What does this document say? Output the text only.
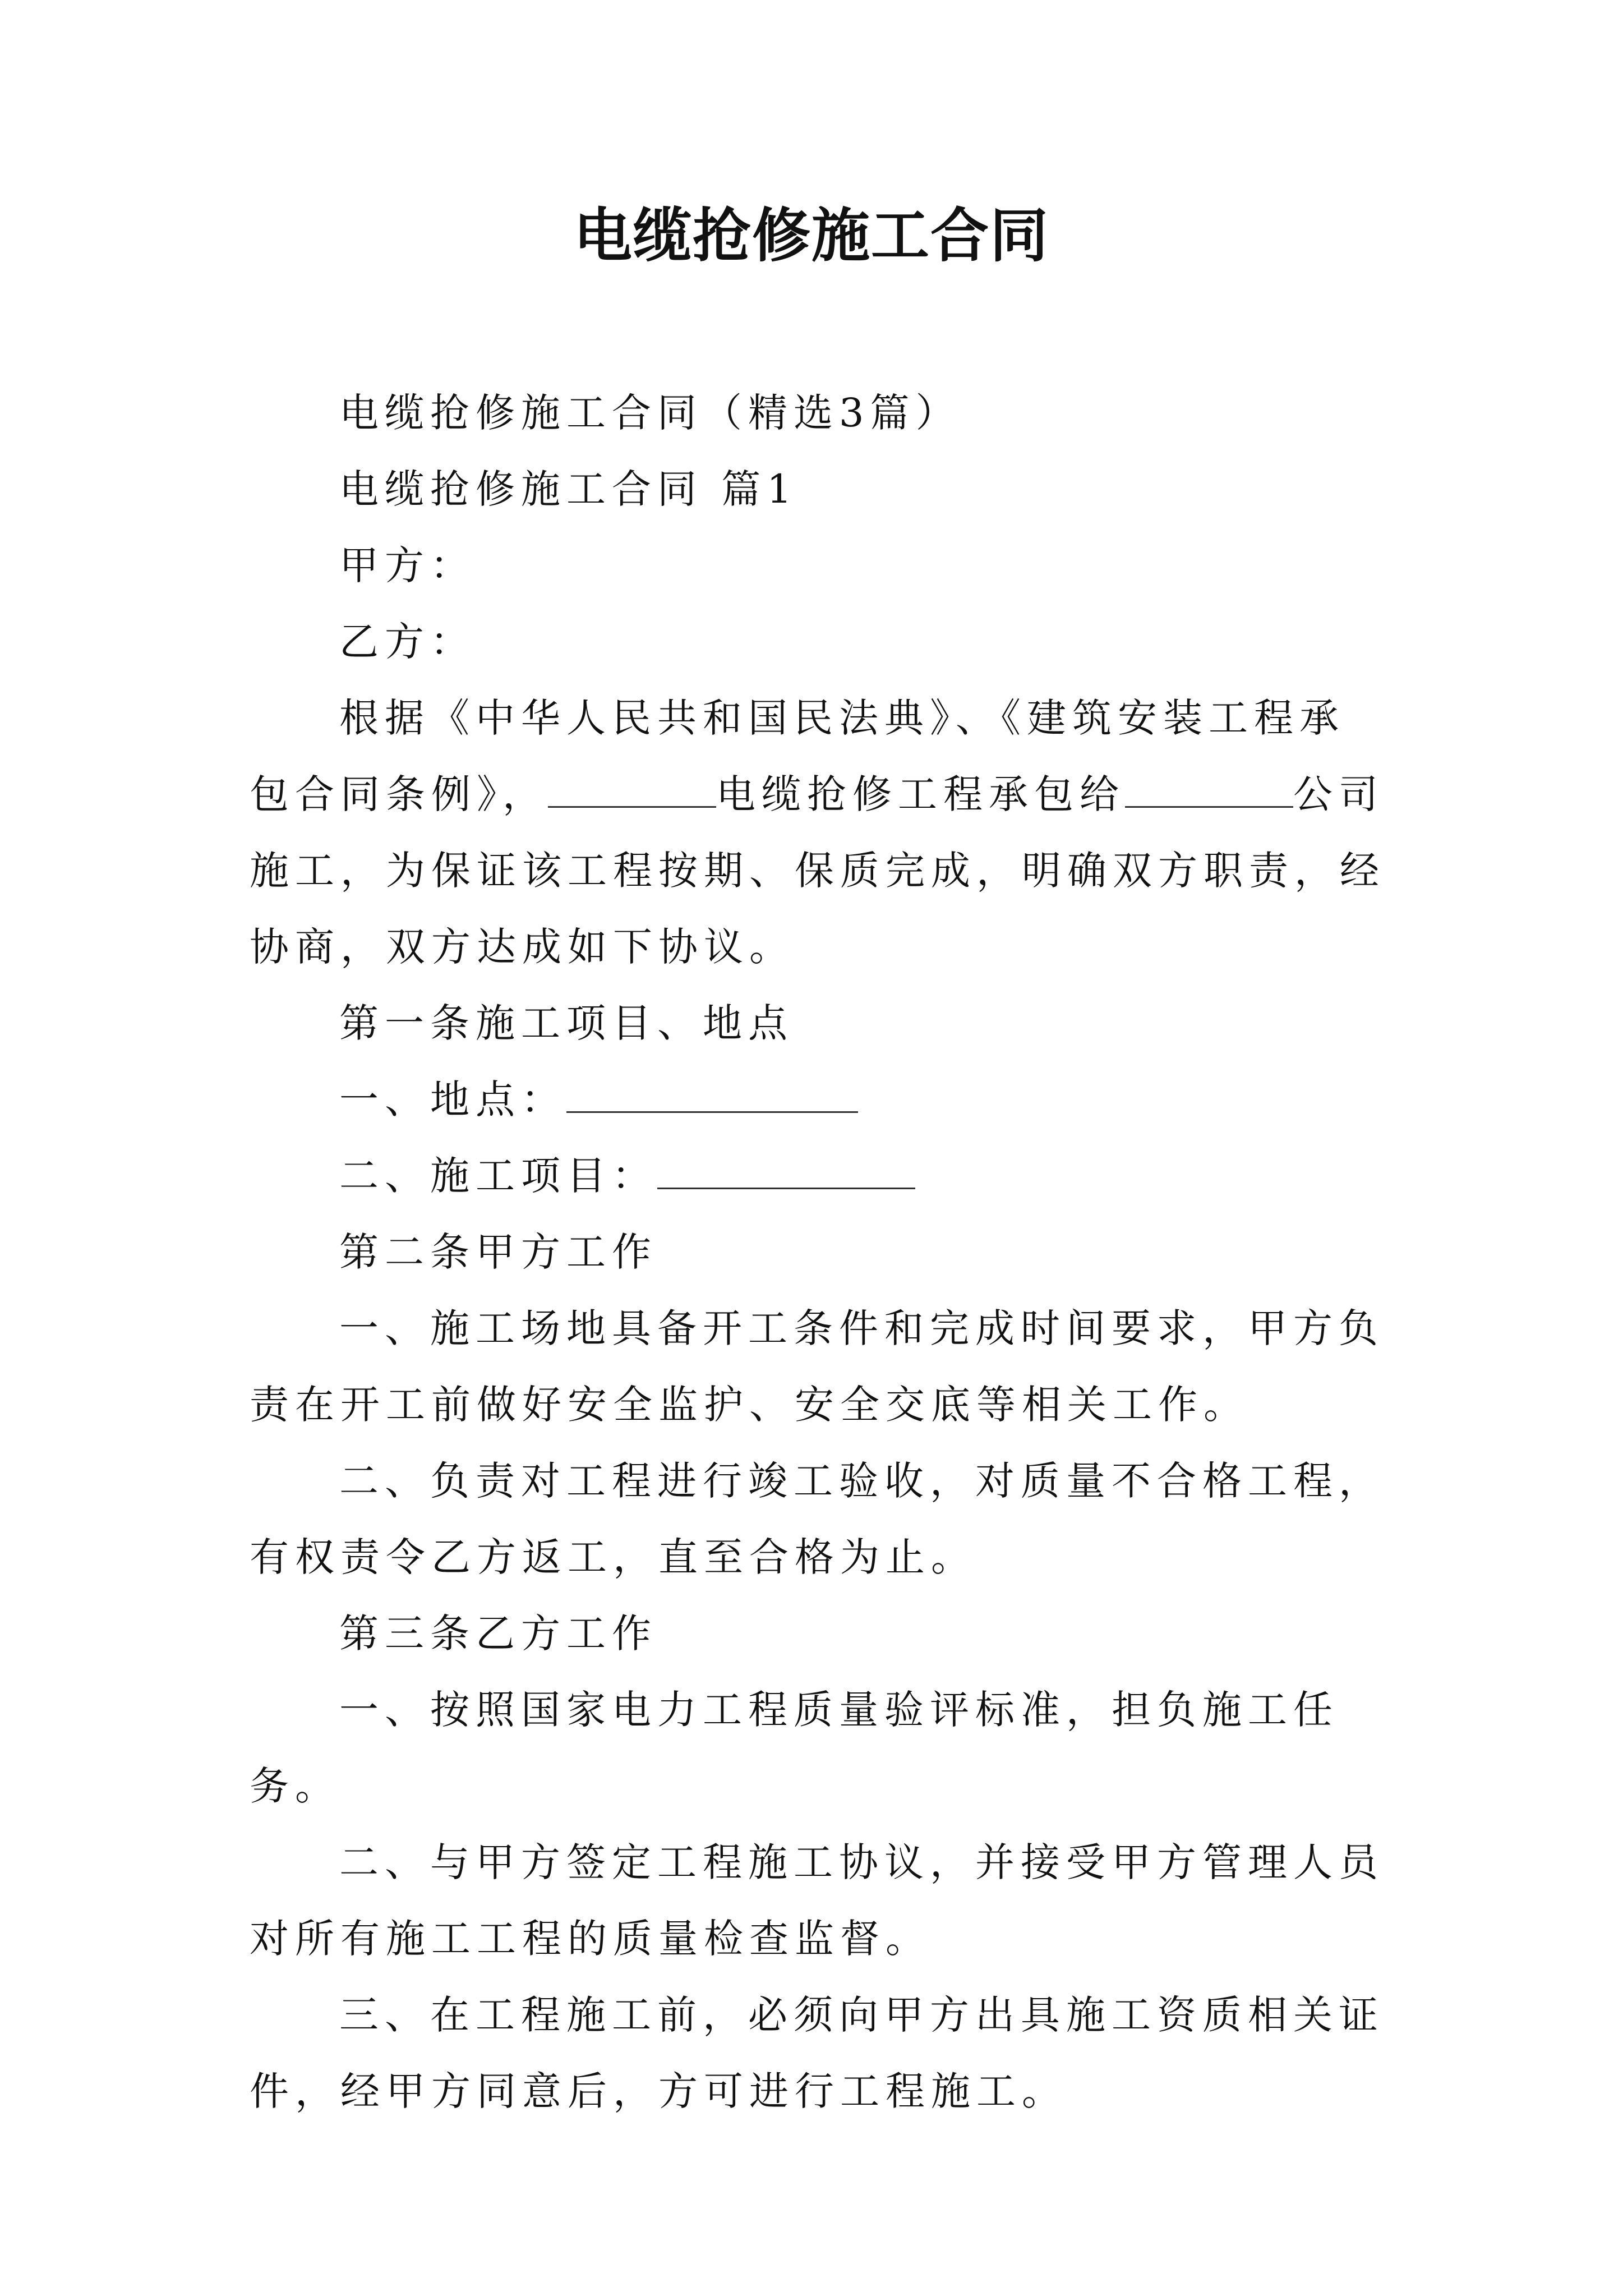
电缆抢修施工合同

电缆抢修施工合同（精选3篇）

电缆抢修施工合同 篇1

甲方：

乙方：

根据《中华人民共和国民法典》、《建筑安装工程承包合同条例》，	电缆抢修工程承包给	公司施工，为保证该工程按期、保质完成，明确双方职责，经协商，双方达成如下协议。

第一条施工项目、地点

一、地点：

二、施工项目：

第二条甲方工作

一、施工场地具备开工条件和完成时间要求，甲方负责在开工前做好安全监护、安全交底等相关工作。

二、负责对工程进行竣工验收，对质量不合格工程，有权责令乙方返工，直至合格为止。

第三条乙方工作

一、按照国家电力工程质量验评标准，担负施工任务。

二、与甲方签定工程施工协议，并接受甲方管理人员对所有施工工程的质量检查监督。

三、在工程施工前，必须向甲方出具施工资质相关证件，经甲方同意后，方可进行工程施工。
